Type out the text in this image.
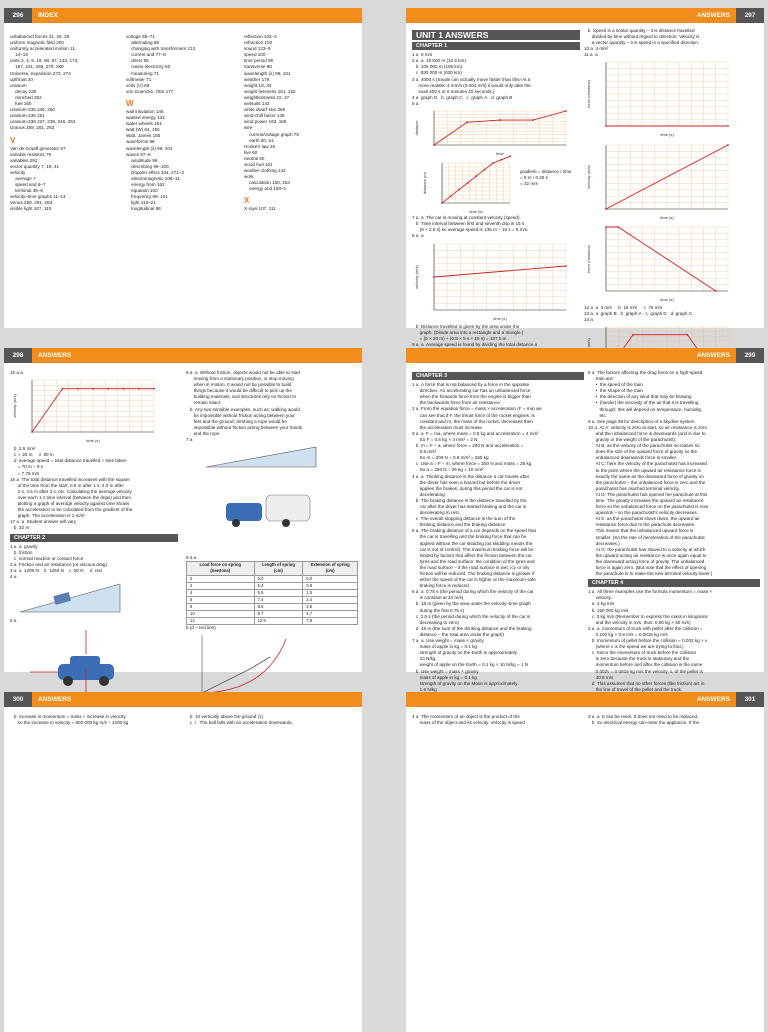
296	INDEX
unbalanced forces 21, 28, 29
uniform magnetic field 200
uniformly accelerated motion 11,
14–15
units 3, 4, 9, 19, 58, 97, 133, 173,
197, 221, 259, 279, 280
Universe, expansion 273, 274
upthrust 20
uranium
decay 235
enriched 252
fuel 160
uranium-235 246, 250
uranium-236 251
uranium-238 227, 239, 246, 252
Uranus 259, 261, 263
V
Van de Graaff generator 87
variable resistors 79
variables 291
vector quantity 7, 19, 41
velocity
average 7
speed and 6–7
terminal 35–6
velocity–time graphs 11–14
Venus 259, 261, 263
visible light 107, 110
voltage 69–71
alternating 65
changing with transformers 213
current and 77–8
direct 65
mains electricity 60
measuring 71
voltmeter 71
volts (V) 69
von Guericke, Otto 177
W
wall insulation 146
wasted energy 134
water wheels 161
watt (W) 64, 155
Watt, James 155
waveforms 98
wavelength (λ) 99, 101
waves 97–8
amplitude 99
describing 99–100
Doppler effect 104, 271–3
electromagnetic 106–11
energy from 162
equation 100
frequency 99, 101
light 113–21
longitudinal 98
reflection 102–3
refraction 103
sound 123–9
speed 100
time period 99
transverse 98
wavelength (λ) 99, 101
weather 179
weight 19, 34
weight lessness 151, 152
weightlessness 22, 37
wetsuits 142
white dwarf star 268
wind-chill factor 148
wind power 163, 166
wire
current/voltage graph 78
earth 60, 61
Hooke's law 25
live 60
neutral 60
wood fuel 161
woollen clothing 142
work
calculation 150, 154
energy and 150–1
X
X-rays 107, 111
ANSWERS	297
UNIT 1 ANSWERS
CHAPTER 1
1 a  8 m/s
2 a  a  16 500 m (10.5 km)
b  105 000 m (105 km)
c  630 000 m (630 km)
3 a  4000 s (Snails can actually move faster than this! At a
more realistic 4 mm/s (0.004 m/s) it would only take the
snail 400 s or 6 minutes 40 seconds.)
4 a  graph D   b  graph C   c  graph A   d  graph B
5 a
time
distance
time (s)
distance (m)
gradient = distance / time
= 8 m / 0.25 s
= 32 m/s
7 a  a  The car is moving at constant velocity (speed).
b  Time interval between first and seventh drip is 15 s
(8 × 2.5 s) so average speed is 135 m ÷ 15 s = 9 m/s.
8 a  a
time (s)
velocity (m/s)
b  Distance travelled is given by the area under the
graph. (Divide area into a rectangle and a triangle.)
= (5 × 20 m) + (0.5 × 5 s × 15 s) = 137.5 m
9 a  a  Average speed is found by dividing the total distance a
b  Speed is a scalar quantity – it is distance travelled
divided by time without regard to direction. Velocity is
a vector quantity – it is speed in a specified direction.
10 a  4 m/s²
11 a  a
time (s)
force (newtons)

time (s)
velocity (m/s)

time (s)
force (newtons)
12 a  a  3 m/s     b  15 m/s     c  75 m/s
13 a  a  graph B   b  graph A   c  graph D   d  graph C
14 a
298	ANSWERS
15 a a
time (s)
velocity (m/s)
b  2.5 m/s²
c  i  20 m     ii  80 m
d  average speed = total distance travelled ÷ time taken
= 70 m ÷ 9 s
= 7.78 m/s
16 a  The total distance travelled increases with the square
of the time from the start, 0.5 m after 1 s, 2.0 m after
2 s, 4.5 m after 3 s, etc. Calculating the average velocity
over each 1 s time interval (between the drips) and then
plotting a graph of average velocity against time shows
the acceleration to be calculated from the gradient of the
graph. The acceleration is 1 m/s².
17 a  a  Student answer will vary
b  32 m
CHAPTER 2
1 a  a  gravity
b  friction
c  normal reaction or contact force
2 a  Friction and air resistance (or viscous drag)
3 a  a  1200 N    b  1250 N    c  50 N     d  red
4 a
5 a
6 a  a  Without friction, objects would not be able to start
moving from a stationary position, or stop moving
when in motion. It would not be possible to build
things because it would be difficult to pick up the
building materials, and structures rely on friction to
remain intact.
b  Any two sensible examples, such as: walking would
be impossible without friction acting between your
feet and the ground; climbing a rope would be
impossible without friction acting between your hands
and the rope.
7 a
9 a a
Load force on spring (newtons)	Length of spring (cm)	Extension of spring (cm)
0	5.0	0.0
2	5.4	0.8
4	6.5	1.5
6	7.4	2.4
8	8.5	3.5
10	8.7	4.7
12	12.9	7.9
b (d – red line)
ANSWERS	299
CHAPTER 3
1 a  A force that is not balanced by a force in the opposite
direction. An accelerating car has an unbalanced force
when the forwards force from the engine is bigger than
the backwards force from air resistance.
2 a  From the equation force = mass × acceleration (F = ma) we
can see that if F, the thrust force of the rocket engines, is
constant and m, the mass of the rocket, decreases then
the acceleration must increase.
3 a  a  F = ma, where mass = 0.5 kg and acceleration = 4 m/s²
So F = 0.5 kg × 4 m/s² = 2 N
b  m = F ÷ a, where force = 200 N and acceleration =
0.8 m/s²
So m = 200 N ÷ 0.8 m/s² = 250 kg
c  Use a = F ÷ m, where force = 250 N and mass = 25 kg
So a = 250 N ÷ 25 kg = 10 m/s²
4 a  a  Thinking distance is the distance a car travels after
the driver has seen a hazard but before the driver
applies the brakes; during this period the car is not
decelerating.
b  The braking distance is the distance travelled by the
car after the driver has started braking and the car is
decelerating to rest.
c  The overall stopping distance is the sum of the
thinking distance and the braking distance.
5 a  The braking distance of a car depends on the speed that
the car is travelling and the braking force that can be
applied without the car skidding (as skidding means the
car is out of control). The maximum braking force will be
limited by factors that affect the friction between the car
tyres and the road surface: the condition of the tyres and
the road surface – if the road surface is wet, icy or oily
friction will be reduced. The braking distance is greater if
either the speed of the car is higher or the maximum safe
braking force is reduced.
6 a  a  0.75 s (the period during which the velocity of the car
is constant at 24 m/s)
b  18 m (given by the area under the velocity–time graph
during the first 0.75 s)
c  2.5 s (the period during which the velocity of the car is
decreasing to zero)
d  48 m (the sum of the thinking distance and the braking
distance – the total area under the graph)
7 a  a  Use weight = mass × gravity
mass of apple in kg = 0.1 kg
strength of gravity on the Earth is approximately
10 N/kg
weight of apple on the Earth = 0.1 kg × 10 N/kg = 1 N
b  Use weight = mass × gravity
mass of apple in kg = 0.1 kg
strength of gravity on the Moon is approximately
1.6 N/kg
8 a  The factors affecting the drag force on a high-speed
train are:
•  the speed of the train
•  the shape of the train
•  the direction of any wind that may be blowing
•  (harder) the viscosity of the air that it is travelling
through; this will depend on temperature, humidity,
etc.
9 a  See page 36 for description of a skydive system.
10 a  At A: velocity is zero at start, so air resistance is zero
and the unbalanced force is downwards (and is due to
gravity or the weight of the parachutist).
At B: as the velocity of the parachutist increases so
does the size of the upward force of gravity so the
unbalanced downwards force is smaller.
At C: here the velocity of the parachutist has increased
to the point where the upward air resistance force is
exactly the same as the downward force of gravity on
the parachutist – the unbalanced force is zero and the
parachutist has reached terminal velocity.
At D: The parachutist has opened her parachute at this
time. The greatly increases the upward air resistance
force so the unbalanced force on the parachutist is now
upwards – so the parachutist's velocity decreases.
At E: as the parachutist slows down, the upward air
resistance force due to the parachute decreases.
This means that the unbalanced upward force is
smaller. (So the rate of deceleration of the parachutist
decreases.)
At G: the parachutist has slowed to a velocity at which
the upward acting air resistance is once again equal to
the downward acting force of gravity. The unbalanced
force is again zero. (But note that the effect of opening
the parachute is to make the new terminal velocity lower.)
CHAPTER 4
1 a  All three examples use the formula momentum = mass ×
velocity.
a  4 kg m/s
b  150 000 kg m/s
c  3 kg m/s (Remember to express the mass in kilograms
and the velocity in m/s, thus: 0.06 kg × 50 m/s)
2 a  a  momentum of truck with pellet after the collision =
0.102 kg × 0.8 m/s = 0.0816 kg m/s
b  momentum of pellet before the collision = 0.002 kg × v
(where v is the speed we are trying to find.)
c  Since the momentum of truck before the collision
is zero because the truck is stationary and the
momentum before and after the collision is the same
0.002v = 0.0816 kg m/s the velocity, v, of the pellet is
40.8 m/s
d  This assumes that no other forces (like friction) act in
the line of travel of the pellet and the truck.
300	ANSWERS
b  increase in momentum = mass × increase in velocity
so the increase in velocity = 600 000 kg m/s ÷ 1200 kg
b  10 vertically above the ground (1)
c  i   The ball falls with an acceleration downwards,
ANSWERS	301
4 a  The momentum of an object is the product of the
mass of the object and its velocity. Velocity is speed
3 a  a  It can be reset. It does not need to be replaced.
b  So electrical energy can enter the appliance. If the
